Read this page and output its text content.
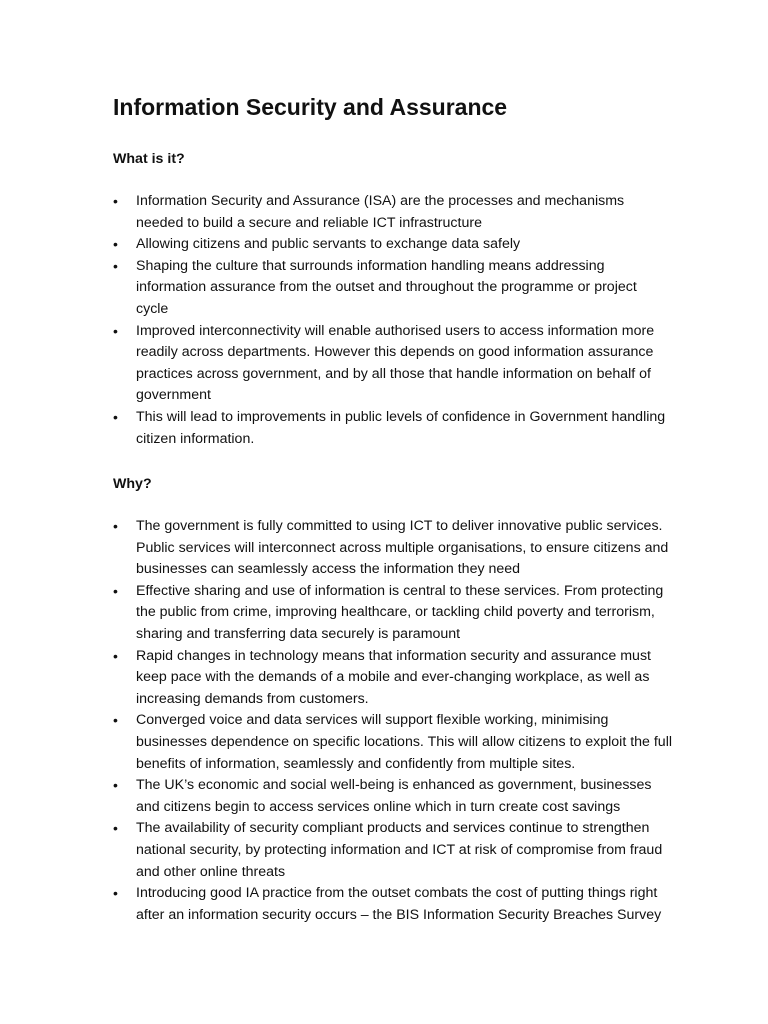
Information Security and Assurance
What is it?
• Information Security and Assurance (ISA) are the processes and mechanisms needed to build a secure and reliable ICT infrastructure
• Allowing citizens and public servants to exchange data safely
• Shaping the culture that surrounds information handling means addressing information assurance from the outset and throughout the programme or project cycle
• Improved interconnectivity will enable authorised users to access information more readily across departments. However this depends on good information assurance practices across government, and by all those that handle information on behalf of government
• This will lead to improvements in public levels of confidence in Government handling citizen information.
Why?
• The government is fully committed to using ICT to deliver innovative public services. Public services will interconnect across multiple organisations, to ensure citizens and businesses can seamlessly access the information they need
• Effective sharing and use of information is central to these services. From protecting the public from crime, improving healthcare, or tackling child poverty and terrorism, sharing and transferring data securely is paramount
• Rapid changes in technology means that information security and assurance must keep pace with the demands of a mobile and ever-changing workplace, as well as increasing demands from customers.
• Converged voice and data services will support flexible working, minimising businesses dependence on specific locations. This will allow citizens to exploit the full benefits of information, seamlessly and confidently from multiple sites.
• The UK’s economic and social well-being is enhanced as government, businesses and citizens begin to access services online which in turn create cost savings
• The availability of security compliant products and services continue to strengthen national security, by protecting information and ICT at risk of compromise from fraud and other online threats
• Introducing good IA practice from the outset combats the cost of putting things right after an information security occurs – the BIS Information Security Breaches Survey
